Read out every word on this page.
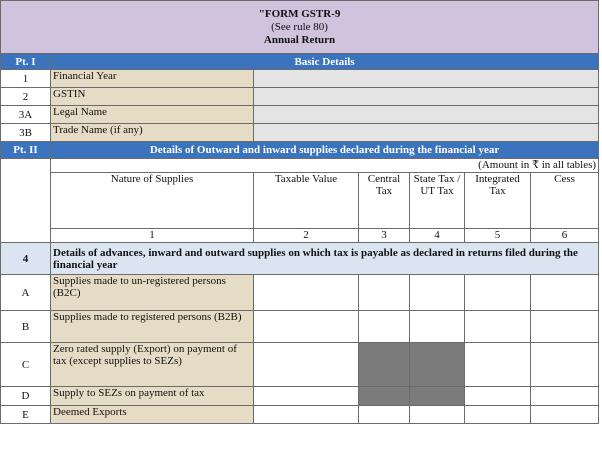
"FORM GSTR-9
(See rule 80)
Annual Return						

Pt. I	Basic Details					
1	Financial Year					
2	GSTIN					
3A	Legal Name					
3B	Trade Name (if any)					
Pt. II	Details of Outward and inward supplies declared during the financial year					
	(Amount in ₹ in all tables)					
	Nature of Supplies	Taxable Value	Central Tax	State Tax / UT Tax	Integrated Tax	Cess
	1	2	3	4	5	6
4	Details of advances, inward and outward supplies on which tax is payable as declared in returns filed during the financial year					
A	Supplies made to un-registered persons (B2C)					
B	Supplies made to registered persons (B2B)					
C	Zero rated supply (Export) on payment of tax (except supplies to SEZs)					
D	Supply to SEZs on payment of tax					
E	Deemed Exports					
